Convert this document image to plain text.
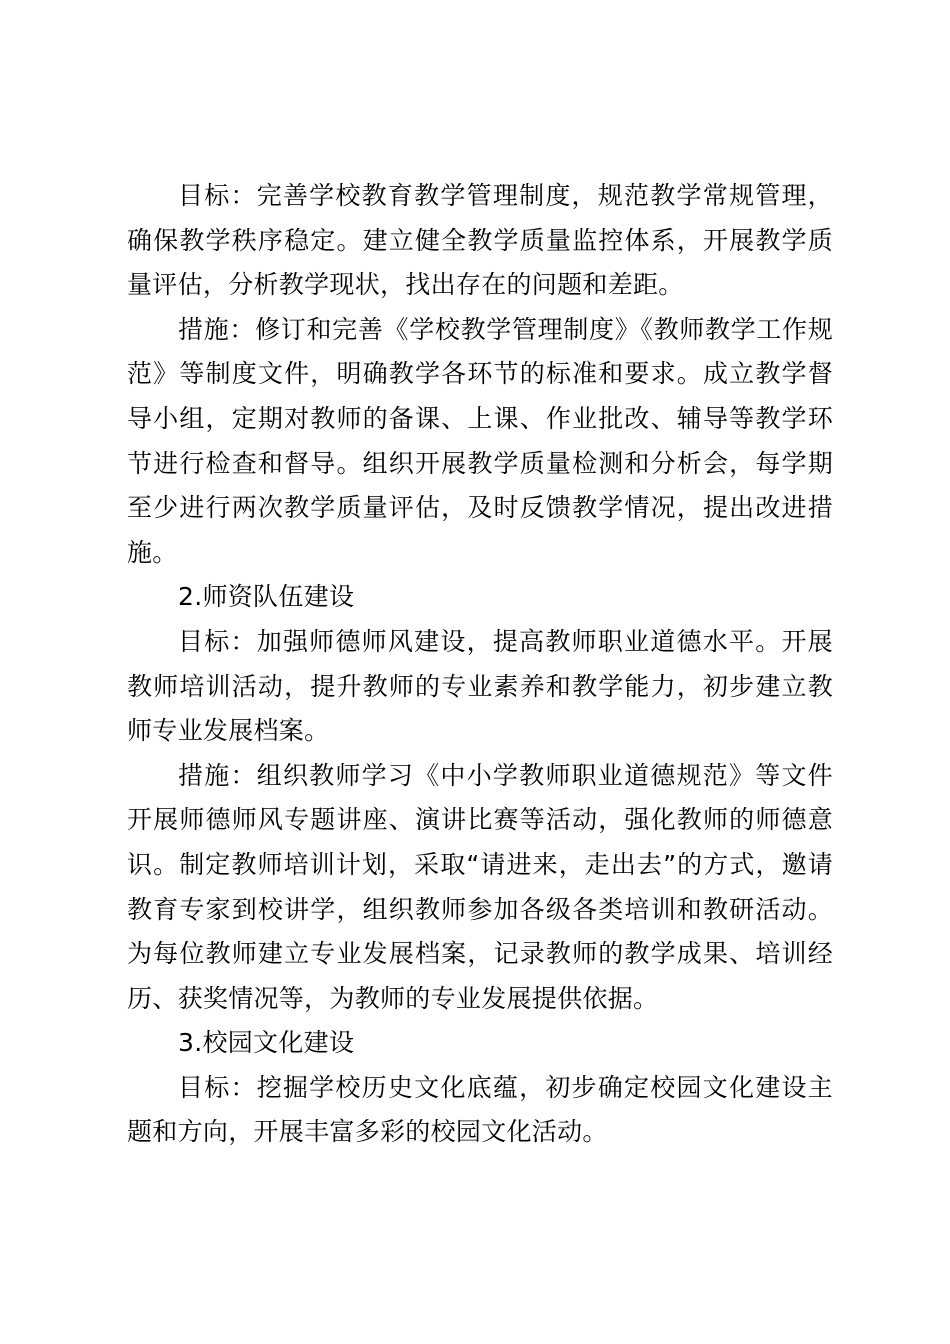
目标：完善学校教育教学管理制度，规范教学常规管理，确保教学秩序稳定。建立健全教学质量监控体系，开展教学质量评估，分析教学现状，找出存在的问题和差距。

措施：修订和完善《学校教学管理制度》《教师教学工作规范》等制度文件，明确教学各环节的标准和要求。成立教学督导小组，定期对教师的备课、上课、作业批改、辅导等教学环节进行检查和督导。组织开展教学质量检测和分析会，每学期至少进行两次教学质量评估，及时反馈教学情况，提出改进措施。

2.师资队伍建设

目标：加强师德师风建设，提高教师职业道德水平。开展教师培训活动，提升教师的专业素养和教学能力，初步建立教师专业发展档案。

措施：组织教师学习《中小学教师职业道德规范》等文件开展师德师风专题讲座、演讲比赛等活动，强化教师的师德意识。制定教师培训计划，采取“请进来，走出去”的方式，邀请教育专家到校讲学，组织教师参加各级各类培训和教研活动。为每位教师建立专业发展档案，记录教师的教学成果、培训经历、获奖情况等，为教师的专业发展提供依据。

3.校园文化建设

目标：挖掘学校历史文化底蕴，初步确定校园文化建设主题和方向，开展丰富多彩的校园文化活动。
